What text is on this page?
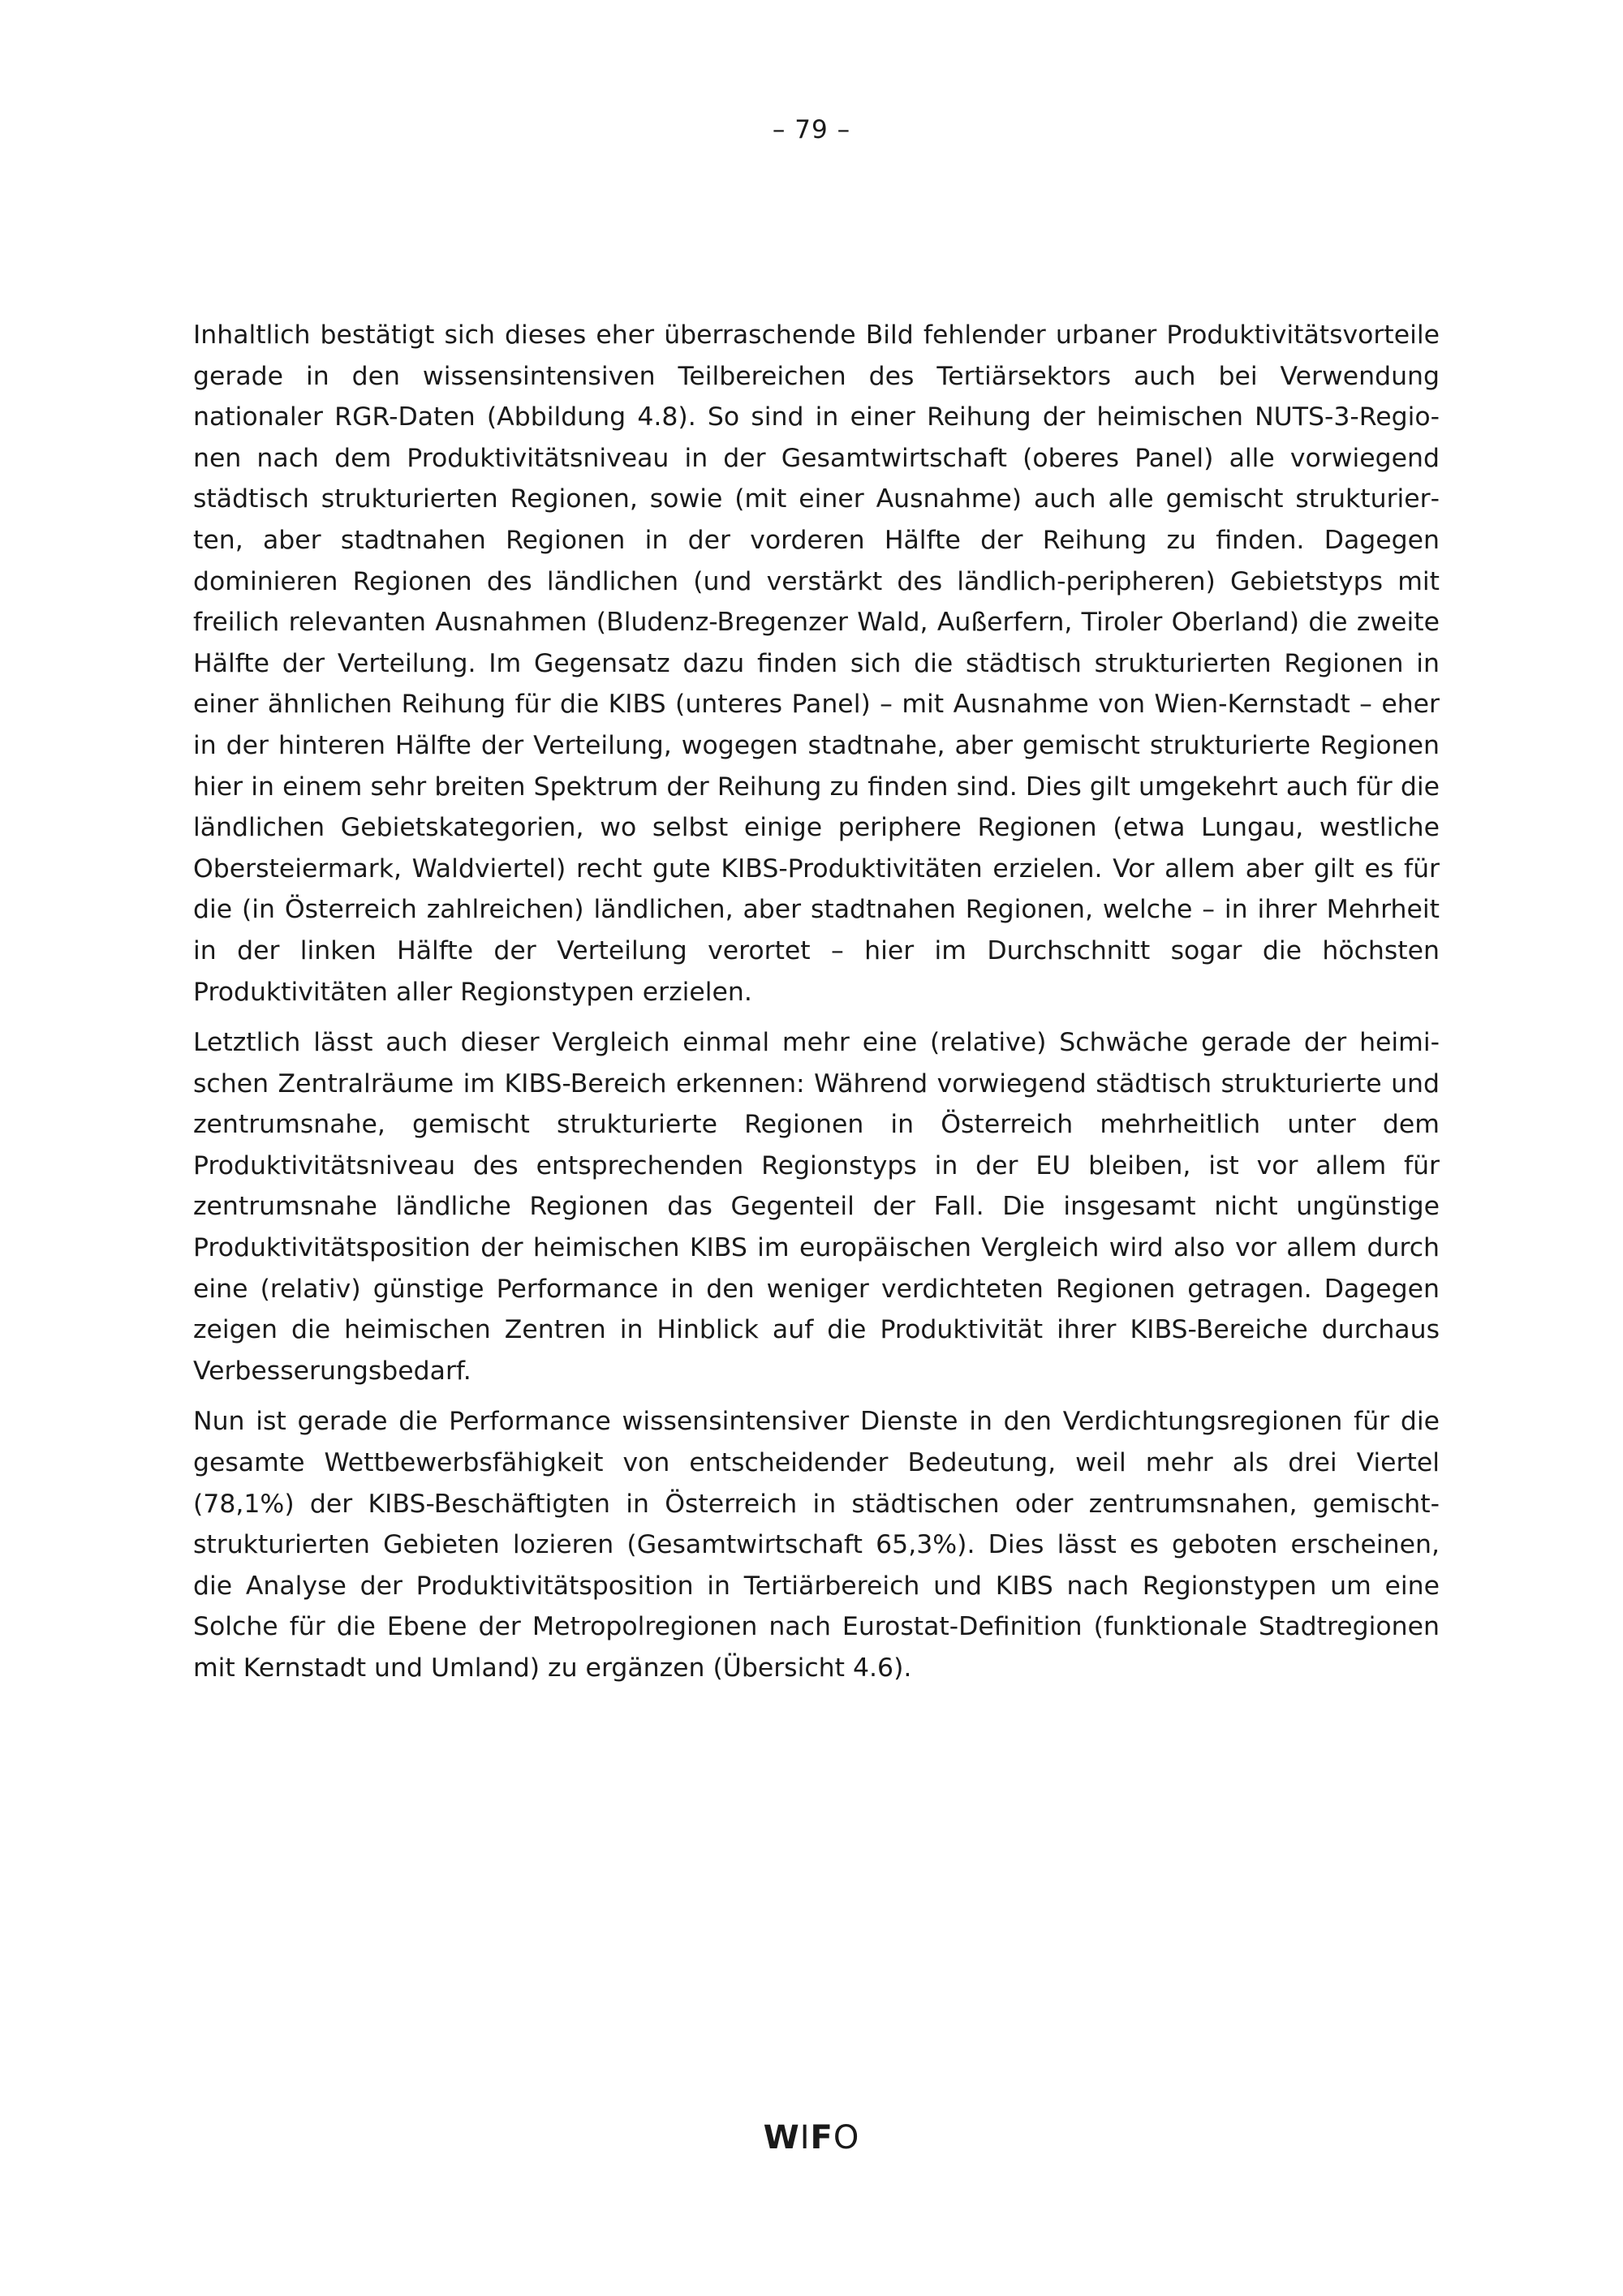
– 79 –

Inhaltlich bestätigt sich dieses eher überraschende Bild fehlender urbaner Produktivitätsvorteile gerade in den wissensintensiven Teilbereichen des Tertiärsektors auch bei Verwendung nationaler RGR-Daten (Abbildung 4.8). So sind in einer Reihung der heimischen NUTS-3-Regionen nach dem Produktivitätsniveau in der Gesamtwirtschaft (oberes Panel) alle vorwiegend städtisch strukturierten Regionen, sowie (mit einer Ausnahme) auch alle gemischt strukturierten, aber stadtnahen Regionen in der vorderen Hälfte der Reihung zu finden. Dagegen dominieren Regionen des ländlichen (und verstärkt des ländlich-peripheren) Gebietstyps mit freilich relevanten Ausnahmen (Bludenz-Bregenzer Wald, Außerfern, Tiroler Oberland) die zweite Hälfte der Verteilung. Im Gegensatz dazu finden sich die städtisch strukturierten Regionen in einer ähnlichen Reihung für die KIBS (unteres Panel) – mit Ausnahme von Wien-Kernstadt – eher in der hinteren Hälfte der Verteilung, wogegen stadtnahe, aber gemischt strukturierte Regionen hier in einem sehr breiten Spektrum der Reihung zu finden sind. Dies gilt umgekehrt auch für die ländlichen Gebietskategorien, wo selbst einige periphere Regionen (etwa Lungau, westliche Obersteiermark, Waldviertel) recht gute KIBS-Produktivitäten erzielen. Vor allem aber gilt es für die (in Österreich zahlreichen) ländlichen, aber stadtnahen Regionen, welche – in ihrer Mehrheit in der linken Hälfte der Verteilung verortet – hier im Durchschnitt sogar die höchsten Produktivitäten aller Regionstypen erzielen.

Letztlich lässt auch dieser Vergleich einmal mehr eine (relative) Schwäche gerade der heimischen Zentralräume im KIBS-Bereich erkennen: Während vorwiegend städtisch strukturierte und zentrumsnahe, gemischt strukturierte Regionen in Österreich mehrheitlich unter dem Produktivitätsniveau des entsprechenden Regionstyps in der EU bleiben, ist vor allem für zentrumsnahe ländliche Regionen das Gegenteil der Fall. Die insgesamt nicht ungünstige Produktivitätsposition der heimischen KIBS im europäischen Vergleich wird also vor allem durch eine (relativ) günstige Performance in den weniger verdichteten Regionen getragen. Dagegen zeigen die heimischen Zentren in Hinblick auf die Produktivität ihrer KIBS-Bereiche durchaus Verbesserungsbedarf.

Nun ist gerade die Performance wissensintensiver Dienste in den Verdichtungsregionen für die gesamte Wettbewerbsfähigkeit von entscheidender Bedeutung, weil mehr als drei Viertel (78,1%) der KIBS-Beschäftigten in Österreich in städtischen oder zentrumsnahen, gemischtstrukturierten Gebieten lozieren (Gesamtwirtschaft 65,3%). Dies lässt es geboten erscheinen, die Analyse der Produktivitätsposition in Tertiärbereich und KIBS nach Regionstypen um eine Solche für die Ebene der Metropolregionen nach Eurostat-Definition (funktionale Stadtregionen mit Kernstadt und Umland) zu ergänzen (Übersicht 4.6).

WIFO
